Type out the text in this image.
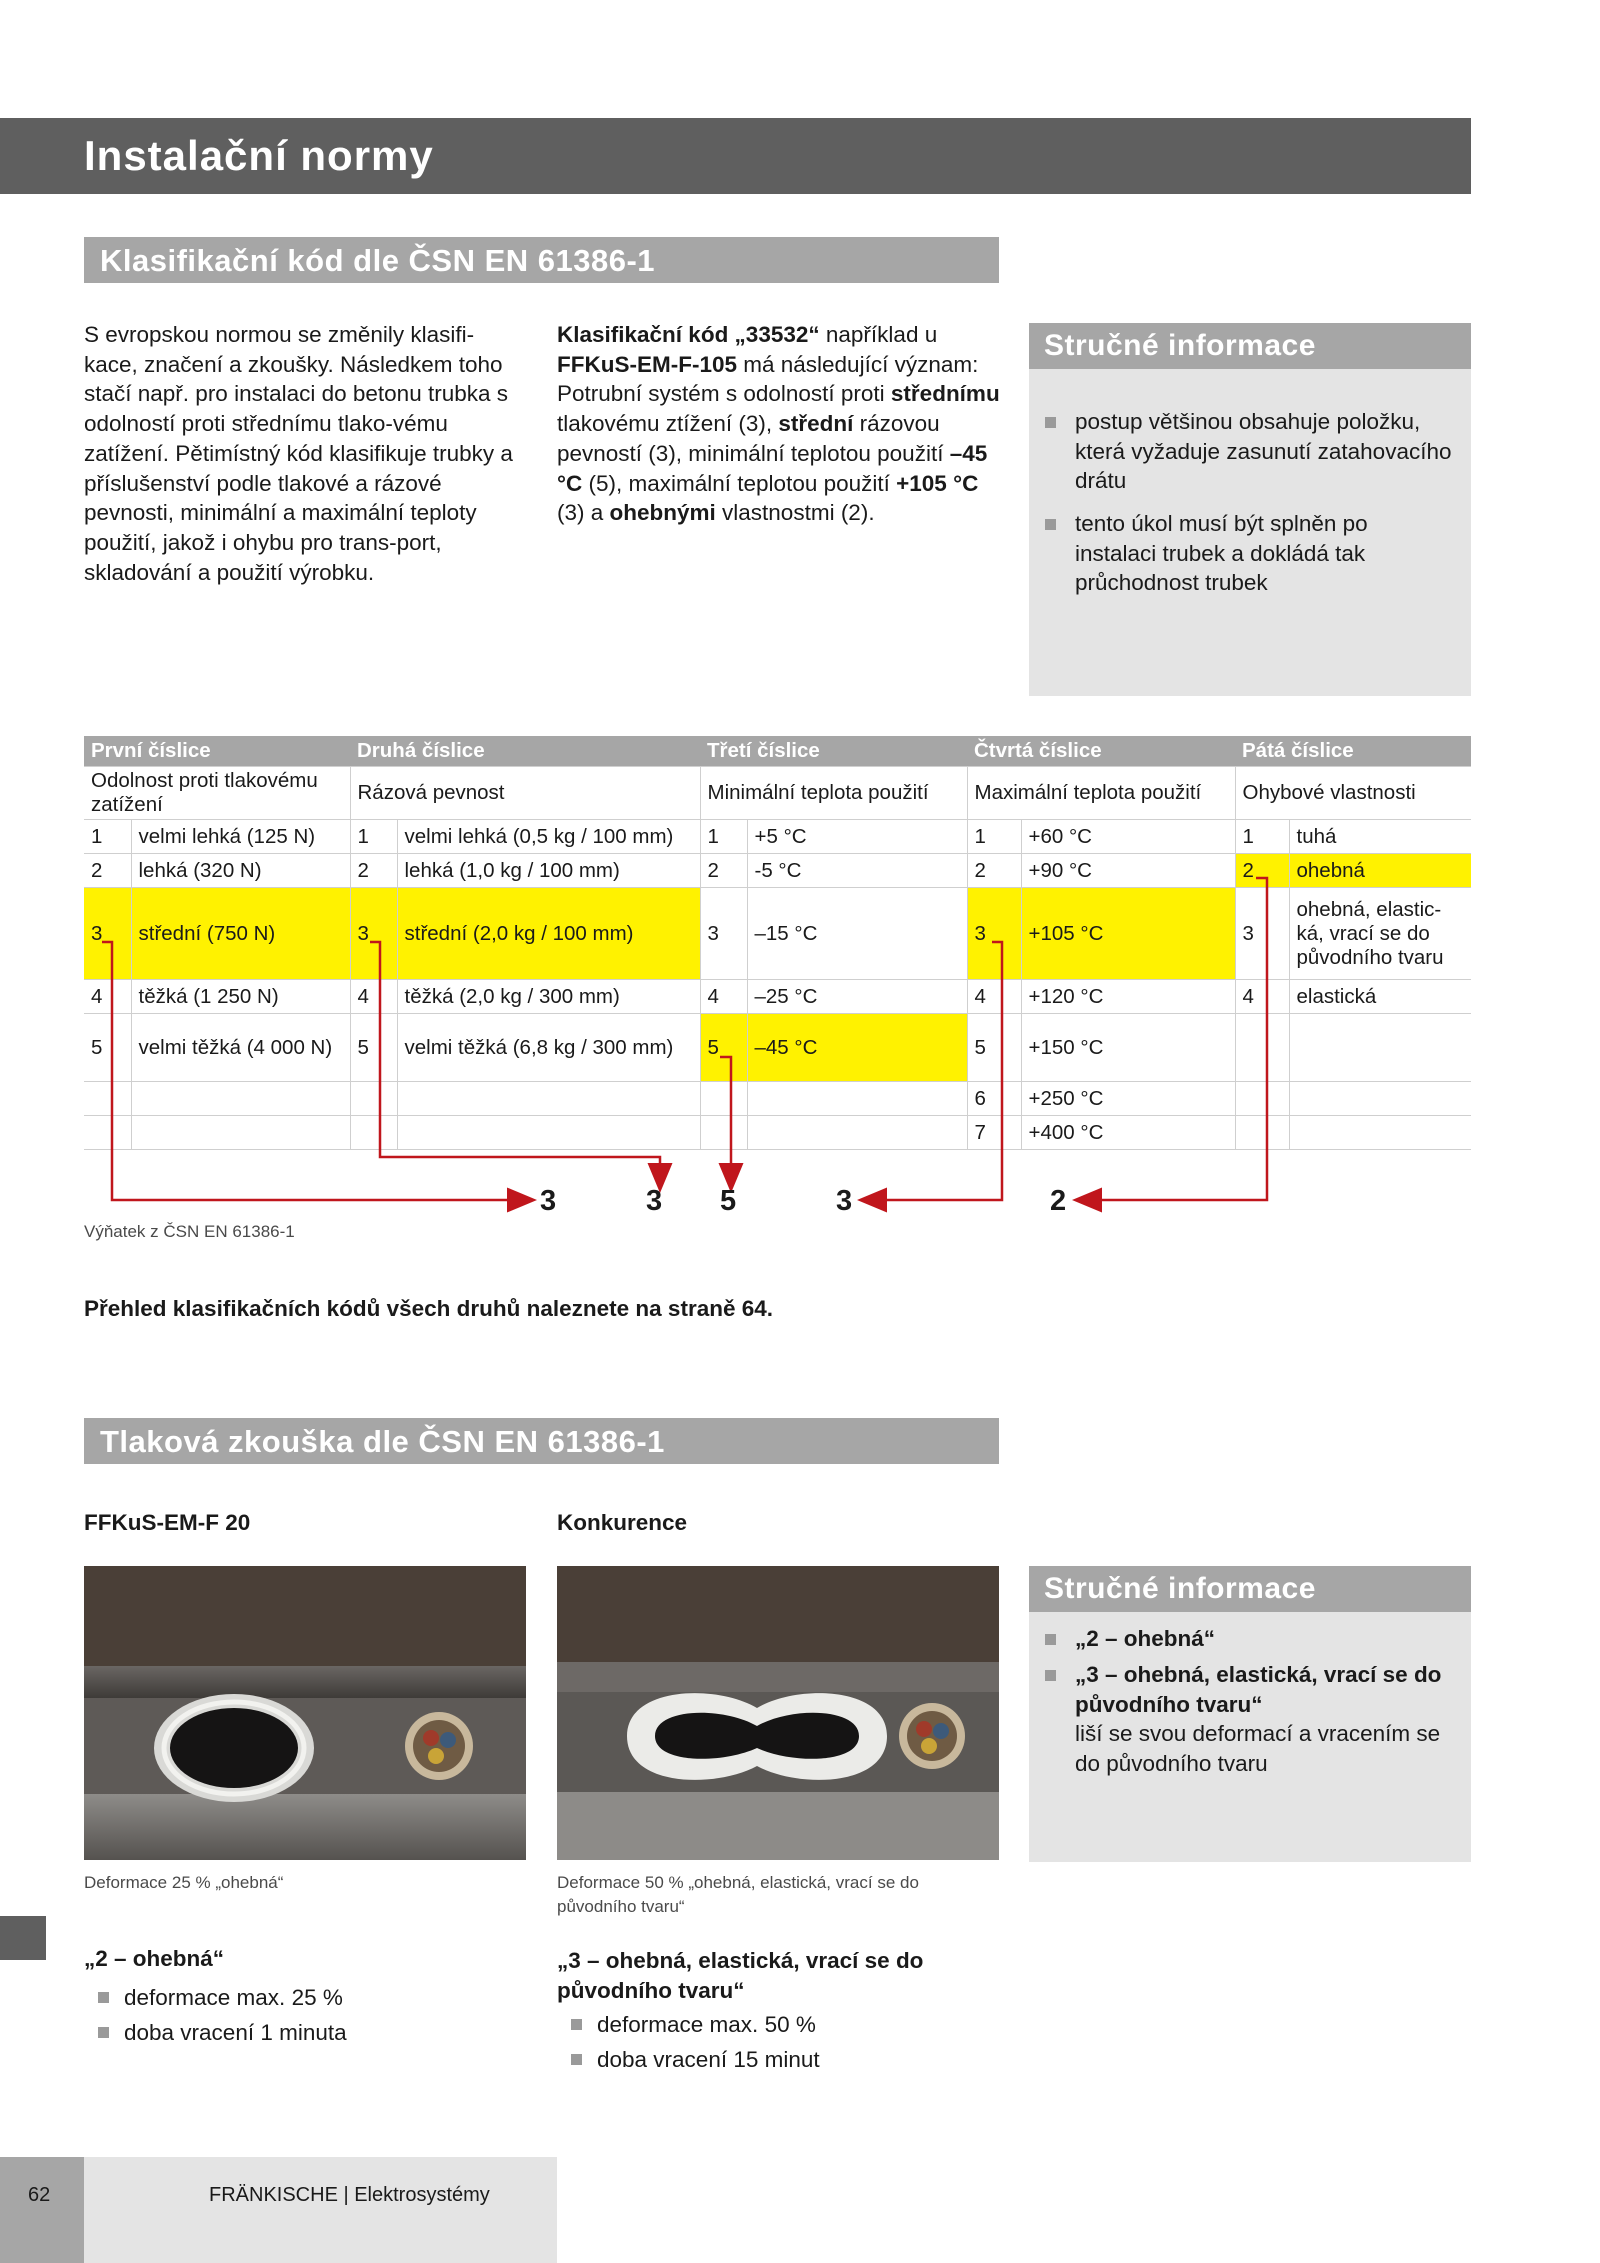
Instalační normy
Klasifikační kód dle ČSN EN 61386-1

S evropskou normou se změnily klasifi-kace, značení a zkoušky. Následkem toho stačí např. pro instalaci do betonu trubka s odolností proti střednímu tlako-vému zatížení. Pětimístný kód klasifikuje trubky a příslušenství podle tlakové a rázové pevnosti, minimální a maximální teploty použití, jakož i ohybu pro trans-port, skladování a použití výrobku.

Klasifikační kód „33532“ například u FFKuS-EM-F-105 má následující význam: Potrubní systém s odolností proti střednímu tlakovému ztížení (3), střední rázovou pevností (3), minimální teplotou použití –45 °C (5), maximální teplotou použití +105 °C (3) a ohebnými vlastnostmi (2).

Stručné informace
postup většinou obsahuje položku, která vyžaduje zasunutí zatahovacího drátu
tento úkol musí být splněn po instalaci trubek a dokládá tak průchodnost trubek
První číslice		Druhá číslice		Třetí číslice		Čtvrtá číslice		Pátá číslice	
Odolnost proti tlakovému zatížení		Rázová pevnost		Minimální teplota použití		Maximální teplota použití		Ohybové vlastnosti	
1	velmi lehká (125 N)	1	velmi lehká (0,5 kg / 100 mm)	1	+5 °C	1	+60 °C	1	tuhá
2	lehká (320 N)	2	lehká (1,0 kg / 100 mm)	2	-5 °C	2	+90 °C	2	ohebná
3	střední (750 N)	3	střední (2,0 kg / 100 mm)	3	–15 °C	3	+105 °C	3	ohebná, elastic-ká, vrací se do původního tvaru
4	těžká (1 250 N)	4	těžká (2,0 kg / 300 mm)	4	–25 °C	4	+120 °C	4	elastická
5	velmi těžká (4 000 N)	5	velmi těžká (6,8 kg / 300 mm)	5	–45 °C	5	+150 °C		
						6	+250 °C		
						7	+400 °C		
3	3 5	3	2
Výňatek z ČSN EN 61386-1
Přehled klasifikačních kódů všech druhů naleznete na straně 64.
Tlaková zkouška dle ČSN EN 61386-1
FFKuS-EM-F 20	Konkurence
Deformace 25 % „ohebná“	Deformace 50 % „ohebná, elastická, vrací se do původního tvaru“
Stručné informace
„2 – ohebná“
„3 – ohebná, elastická, vrací se do původního tvaru“
liší se svou deformací a vracením se do původního tvaru
„2 – ohebná“
deformace max. 25 %
doba vracení 1 minuta
„3 – ohebná, elastická, vrací se do původního tvaru“
deformace max. 50 %
doba vracení 15 minut
62	FRÄNKISCHE | Elektrosystémy
